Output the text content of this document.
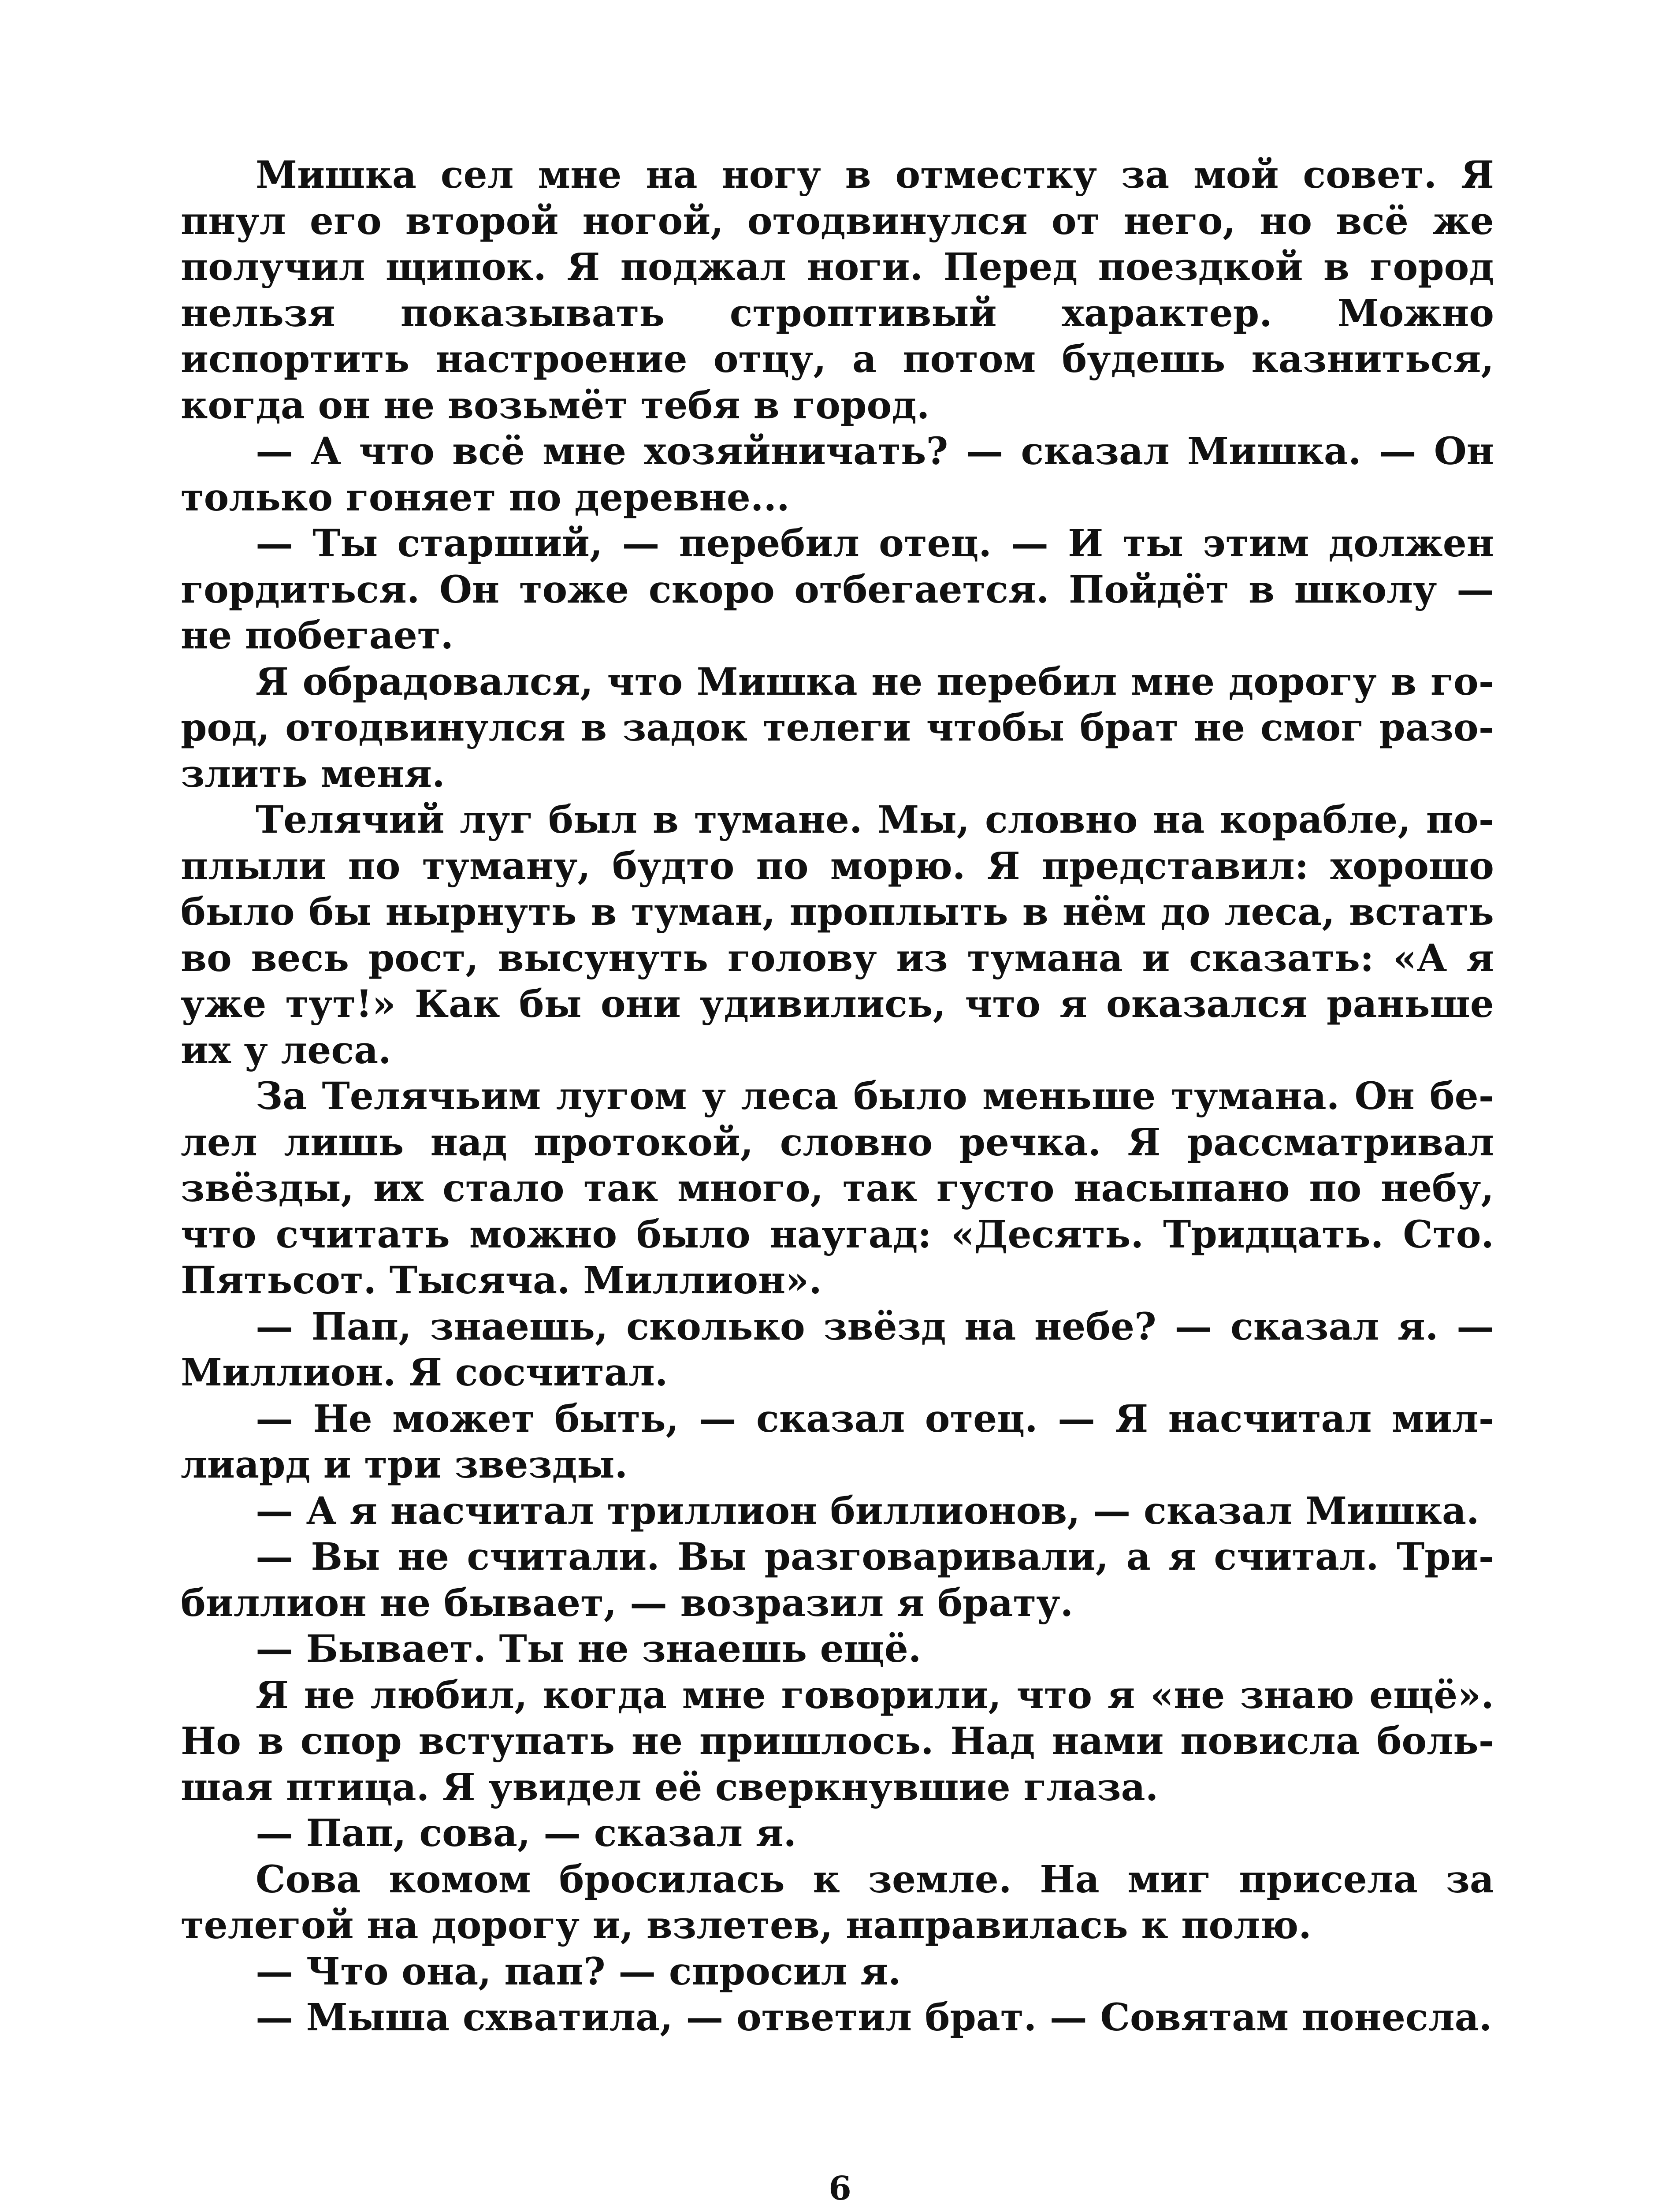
Мишка сел мне на ногу в отместку за мой совет. Я пнул его второй ногой, отодвинулся от него, но всё же получил щипок. Я поджал ноги. Перед поездкой в город нельзя показывать строптивый характер. Можно испортить настроение отцу, а потом будешь казниться, когда он не возьмёт тебя в город.

— А что всё мне хозяйничать? — сказал Мишка. — Он только гоняет по деревне...

— Ты старший, — перебил отец. — И ты этим должен гордиться. Он тоже скоро отбегается. Пойдёт в школу — не побегает.

Я обрадовался, что Мишка не перебил мне дорогу в город, отодвинулся в задок телеги чтобы брат не смог разозлить меня.

Телячий луг был в тумане. Мы, словно на корабле, поплыли по туману, будто по морю. Я представил: хорошо было бы нырнуть в туман, проплыть в нём до леса, встать во весь рост, высунуть голову из тумана и сказать: «А я уже тут!» Как бы они удивились, что я оказался раньше их у леса.

За Телячьим лугом у леса было меньше тумана. Он белел лишь над протокой, словно речка. Я рассматривал звёзды, их стало так много, так густо насыпано по небу, что считать можно было наугад: «Десять. Тридцать. Сто. Пятьсот. Тысяча. Миллион».

— Пап, знаешь, сколько звёзд на небе? — сказал я. — Миллион. Я сосчитал.

— Не может быть, — сказал отец. — Я насчитал миллиард и три звезды.

— А я насчитал триллион биллионов, — сказал Мишка.

— Вы не считали. Вы разговаривали, а я считал. Трибиллион не бывает, — возразил я брату.

— Бывает. Ты не знаешь ещё.

Я не любил, когда мне говорили, что я «не знаю ещё». Но в спор вступать не пришлось. Над нами повисла большая птица. Я увидел её сверкнувшие глаза.

— Пап, сова, — сказал я.

Сова комом бросилась к земле. На миг присела за телегой на дорогу и, взлетев, направилась к полю.

— Что она, пап? — спросил я.

— Мыша схватила, — ответил брат. — Совятам понесла.

6
